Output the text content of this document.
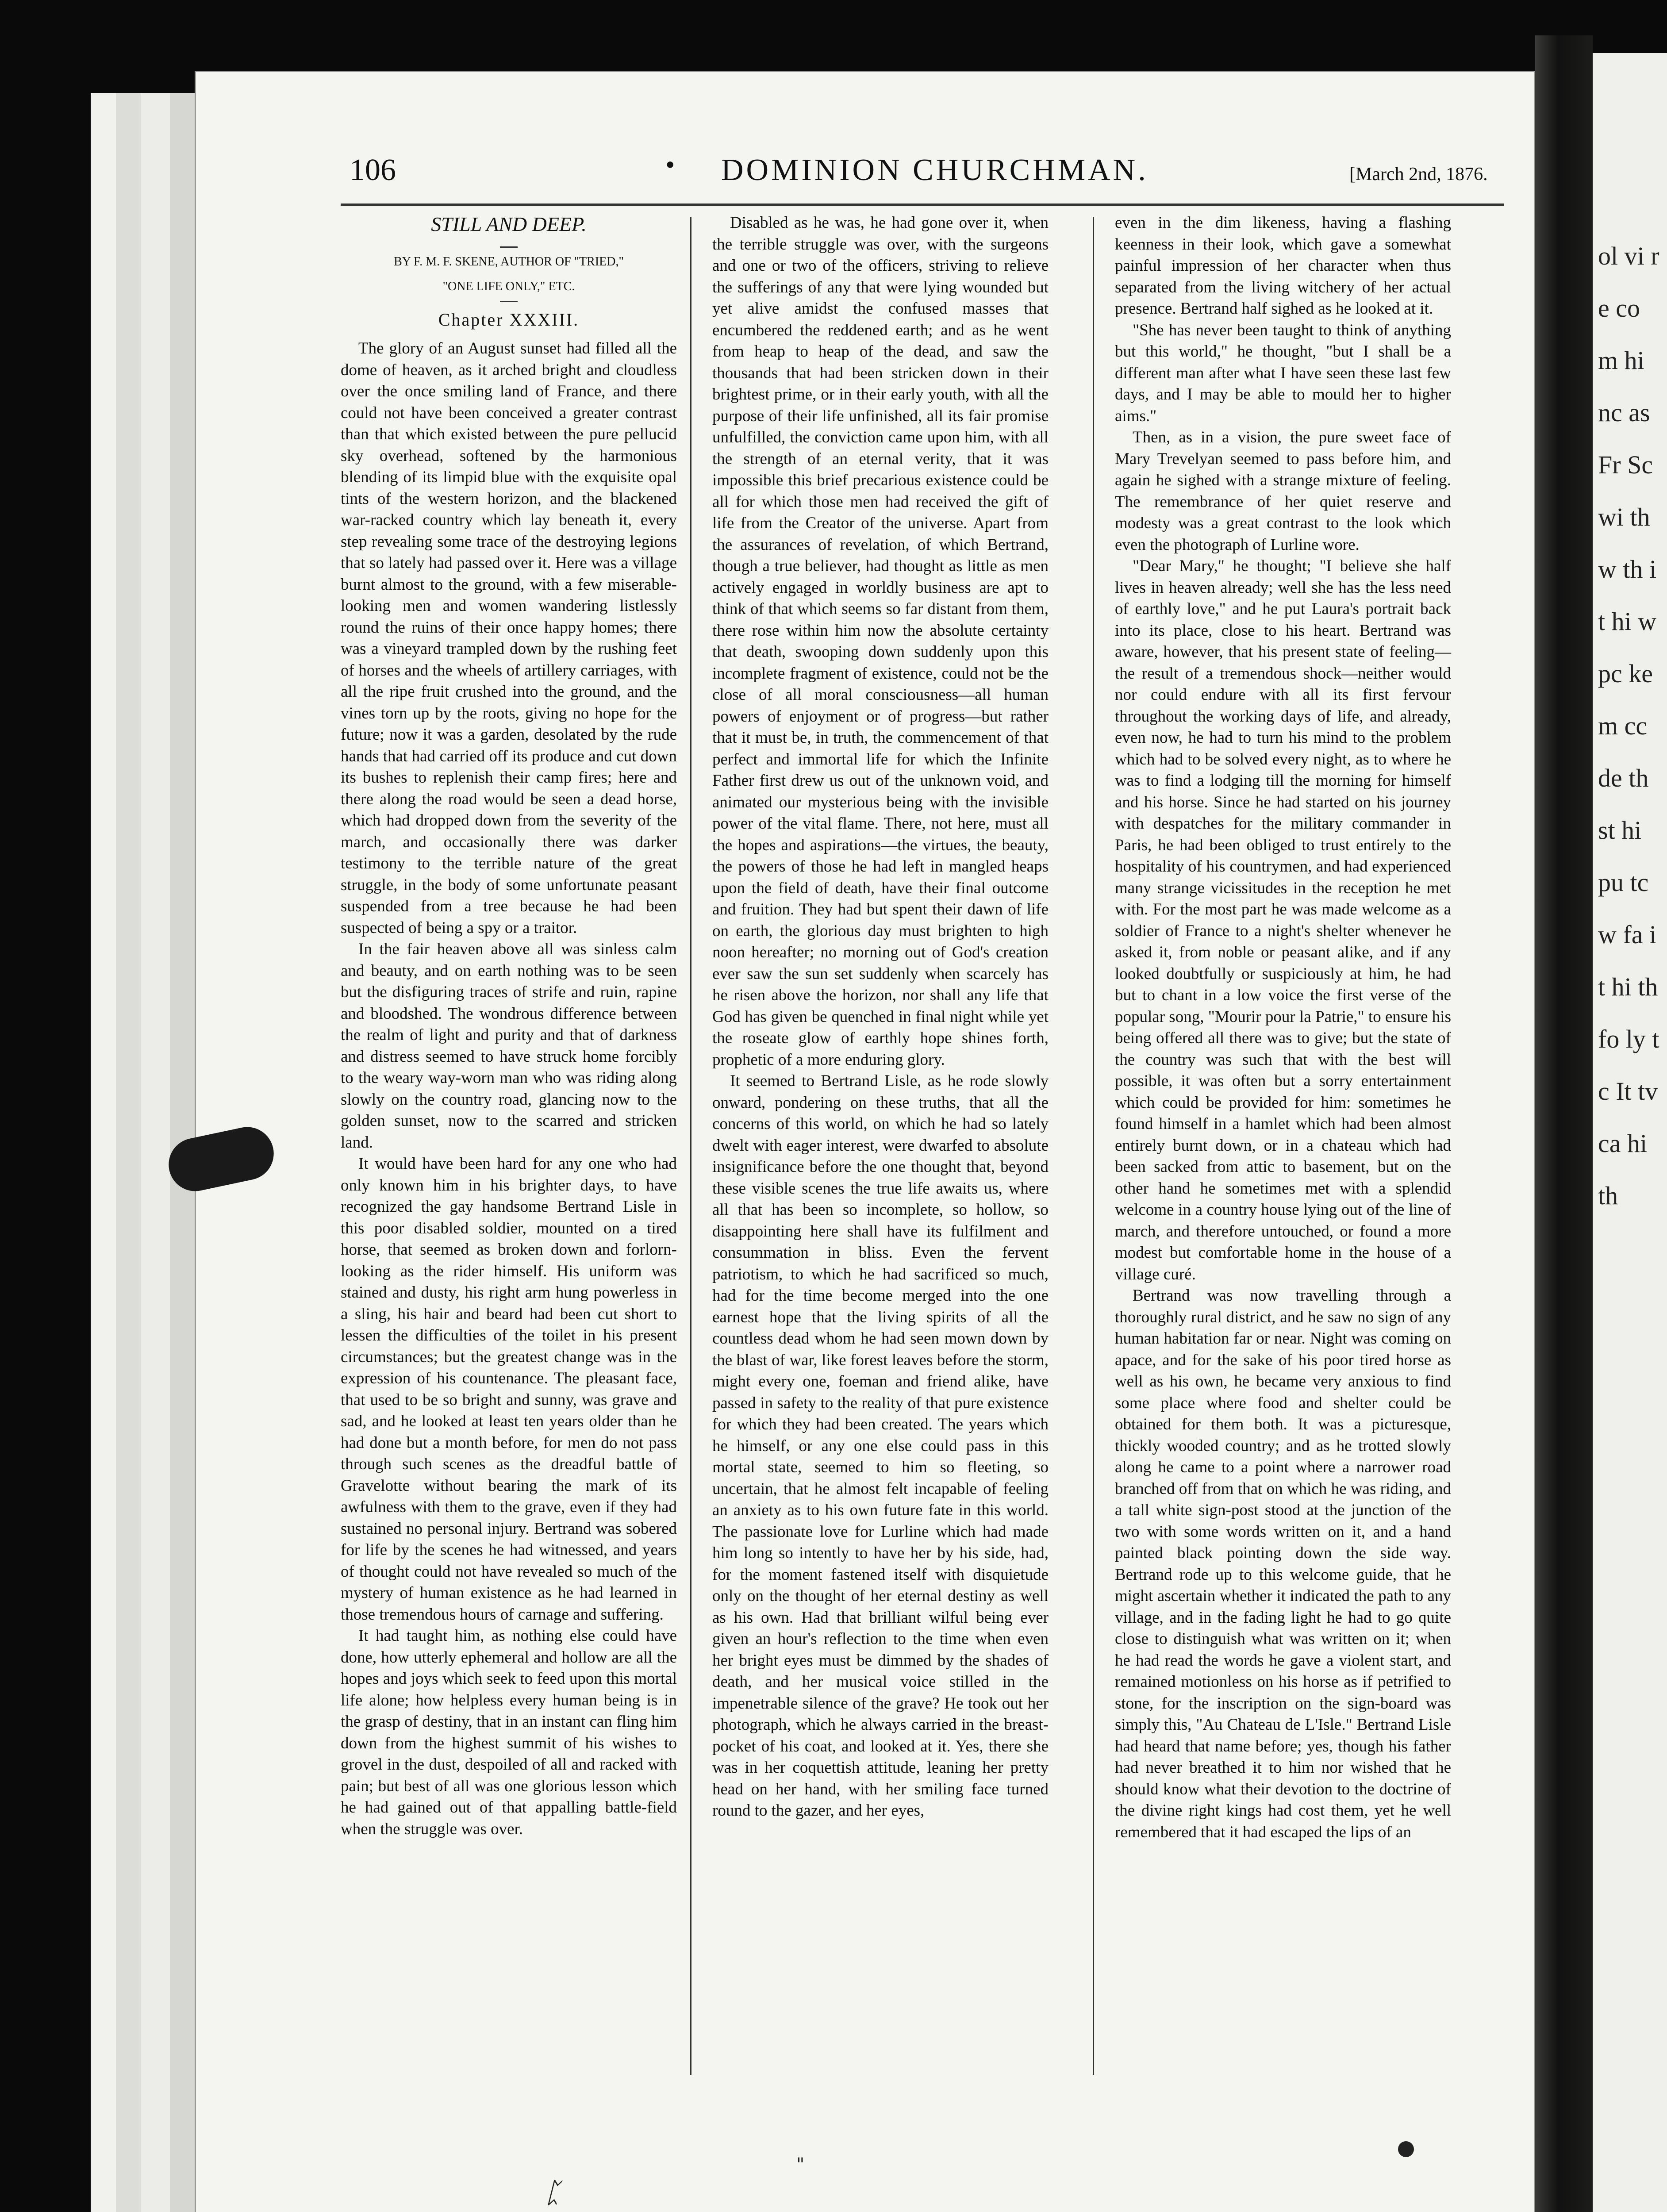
ol vi re co m hi nc as Fr Sc wi th w th it hi w pc ke m cc de th st hi pu tc w fa it hi th fo ly tc It tv ca hi th
106	• DOMINION CHURCHMAN.	[March 2nd, 1876.
STILL AND DEEP.
BY F. M. F. SKENE, AUTHOR OF "TRIED,"
"ONE LIFE ONLY," ETC.
Chapter XXXIII.

The glory of an August sunset had filled all the dome of heaven, as it arched bright and cloudless over the once smiling land of France, and there could not have been conceived a greater contrast than that which existed between the pure pellucid sky overhead, softened by the harmonious blending of its limpid blue with the exquisite opal tints of the western horizon, and the blackened war-racked country which lay beneath it, every step revealing some trace of the destroying legions that so lately had passed over it. Here was a village burnt almost to the ground, with a few miserable-looking men and women wandering listlessly round the ruins of their once happy homes; there was a vineyard trampled down by the rushing feet of horses and the wheels of artillery carriages, with all the ripe fruit crushed into the ground, and the vines torn up by the roots, giving no hope for the future; now it was a garden, desolated by the rude hands that had carried off its produce and cut down its bushes to replenish their camp fires; here and there along the road would be seen a dead horse, which had dropped down from the severity of the march, and occasionally there was darker testimony to the terrible nature of the great struggle, in the body of some unfortunate peasant suspended from a tree because he had been suspected of being a spy or a traitor.

In the fair heaven above all was sinless calm and beauty, and on earth nothing was to be seen but the disfiguring traces of strife and ruin, rapine and bloodshed. The wondrous difference between the realm of light and purity and that of darkness and distress seemed to have struck home forcibly to the weary way-worn man who was riding along slowly on the country road, glancing now to the golden sunset, now to the scarred and stricken land.

It would have been hard for any one who had only known him in his brighter days, to have recognized the gay handsome Bertrand Lisle in this poor disabled soldier, mounted on a tired horse, that seemed as broken down and forlorn-looking as the rider himself. His uniform was stained and dusty, his right arm hung powerless in a sling, his hair and beard had been cut short to lessen the difficulties of the toilet in his present circumstances; but the greatest change was in the expression of his countenance. The pleasant face, that used to be so bright and sunny, was grave and sad, and he looked at least ten years older than he had done but a month before, for men do not pass through such scenes as the dreadful battle of Gravelotte without bearing the mark of its awfulness with them to the grave, even if they had sustained no personal injury. Bertrand was sobered for life by the scenes he had witnessed, and years of thought could not have revealed so much of the mystery of human existence as he had learned in those tremendous hours of carnage and suffering.

It had taught him, as nothing else could have done, how utterly ephemeral and hollow are all the hopes and joys which seek to feed upon this mortal life alone; how helpless every human being is in the grasp of destiny, that in an instant can fling him down from the highest summit of his wishes to grovel in the dust, despoiled of all and racked with pain; but best of all was one glorious lesson which he had gained out of that appalling battle-field when the struggle was over.

Disabled as he was, he had gone over it, when the terrible struggle was over, with the surgeons and one or two of the officers, striving to relieve the sufferings of any that were lying wounded but yet alive amidst the confused masses that encumbered the reddened earth; and as he went from heap to heap of the dead, and saw the thousands that had been stricken down in their brightest prime, or in their early youth, with all the purpose of their life unfinished, all its fair promise unfulfilled, the conviction came upon him, with all the strength of an eternal verity, that it was impossible this brief precarious existence could be all for which those men had received the gift of life from the Creator of the universe. Apart from the assurances of revelation, of which Bertrand, though a true believer, had thought as little as men actively engaged in worldly business are apt to think of that which seems so far distant from them, there rose within him now the absolute certainty that death, swooping down suddenly upon this incomplete fragment of existence, could not be the close of all moral consciousness—all human powers of enjoyment or of progress—but rather that it must be, in truth, the commencement of that perfect and immortal life for which the Infinite Father first drew us out of the unknown void, and animated our mysterious being with the invisible power of the vital flame. There, not here, must all the hopes and aspirations—the virtues, the beauty, the powers of those he had left in mangled heaps upon the field of death, have their final outcome and fruition. They had but spent their dawn of life on earth, the glorious day must brighten to high noon hereafter; no morning out of God's creation ever saw the sun set suddenly when scarcely has he risen above the horizon, nor shall any life that God has given be quenched in final night while yet the roseate glow of earthly hope shines forth, prophetic of a more enduring glory.

It seemed to Bertrand Lisle, as he rode slowly onward, pondering on these truths, that all the concerns of this world, on which he had so lately dwelt with eager interest, were dwarfed to absolute insignificance before the one thought that, beyond these visible scenes the true life awaits us, where all that has been so incomplete, so hollow, so disappointing here shall have its fulfilment and consummation in bliss. Even the fervent patriotism, to which he had sacrificed so much, had for the time become merged into the one earnest hope that the living spirits of all the countless dead whom he had seen mown down by the blast of war, like forest leaves before the storm, might every one, foeman and friend alike, have passed in safety to the reality of that pure existence for which they had been created. The years which he himself, or any one else could pass in this mortal state, seemed to him so fleeting, so uncertain, that he almost felt incapable of feeling an anxiety as to his own future fate in this world. The passionate love for Lurline which had made him long so intently to have her by his side, had, for the moment fastened itself with disquietude only on the thought of her eternal destiny as well as his own. Had that brilliant wilful being ever given an hour's reflection to the time when even her bright eyes must be dimmed by the shades of death, and her musical voice stilled in the impenetrable silence of the grave? He took out her photograph, which he always carried in the breast-pocket of his coat, and looked at it. Yes, there she was in her coquettish attitude, leaning her pretty head on her hand, with her smiling face turned round to the gazer, and her eyes,

even in the dim likeness, having a flashing keenness in their look, which gave a somewhat painful impression of her character when thus separated from the living witchery of her actual presence. Bertrand half sighed as he looked at it.

"She has never been taught to think of anything but this world," he thought, "but I shall be a different man after what I have seen these last few days, and I may be able to mould her to higher aims."

Then, as in a vision, the pure sweet face of Mary Trevelyan seemed to pass before him, and again he sighed with a strange mixture of feeling. The remembrance of her quiet reserve and modesty was a great contrast to the look which even the photograph of Lurline wore.

"Dear Mary," he thought; "I believe she half lives in heaven already; well she has the less need of earthly love," and he put Laura's portrait back into its place, close to his heart. Bertrand was aware, however, that his present state of feeling—the result of a tremendous shock—neither would nor could endure with all its first fervour throughout the working days of life, and already, even now, he had to turn his mind to the problem which had to be solved every night, as to where he was to find a lodging till the morning for himself and his horse. Since he had started on his journey with despatches for the military commander in Paris, he had been obliged to trust entirely to the hospitality of his countrymen, and had experienced many strange vicissitudes in the reception he met with. For the most part he was made welcome as a soldier of France to a night's shelter whenever he asked it, from noble or peasant alike, and if any looked doubtfully or suspiciously at him, he had but to chant in a low voice the first verse of the popular song, "Mourir pour la Patrie," to ensure his being offered all there was to give; but the state of the country was such that with the best will possible, it was often but a sorry entertainment which could be provided for him: sometimes he found himself in a hamlet which had been almost entirely burnt down, or in a chateau which had been sacked from attic to basement, but on the other hand he sometimes met with a splendid welcome in a country house lying out of the line of march, and therefore untouched, or found a more modest but comfortable home in the house of a village curé.

Bertrand was now travelling through a thoroughly rural district, and he saw no sign of any human habitation far or near. Night was coming on apace, and for the sake of his poor tired horse as well as his own, he became very anxious to find some place where food and shelter could be obtained for them both. It was a picturesque, thickly wooded country; and as he trotted slowly along he came to a point where a narrower road branched off from that on which he was riding, and a tall white sign-post stood at the junction of the two with some words written on it, and a hand painted black pointing down the side way. Bertrand rode up to this welcome guide, that he might ascertain whether it indicated the path to any village, and in the fading light he had to go quite close to distinguish what was written on it; when he had read the words he gave a violent start, and remained motionless on his horse as if petrified to stone, for the inscription on the sign-board was simply this, "Au Chateau de L'Isle." Bertrand Lisle had heard that name before; yes, though his father had never breathed it to him nor wished that he should know what their devotion to the doctrine of the divine right kings had cost them, yet he well remembered that it had escaped the lips of an

ᛈ
"
